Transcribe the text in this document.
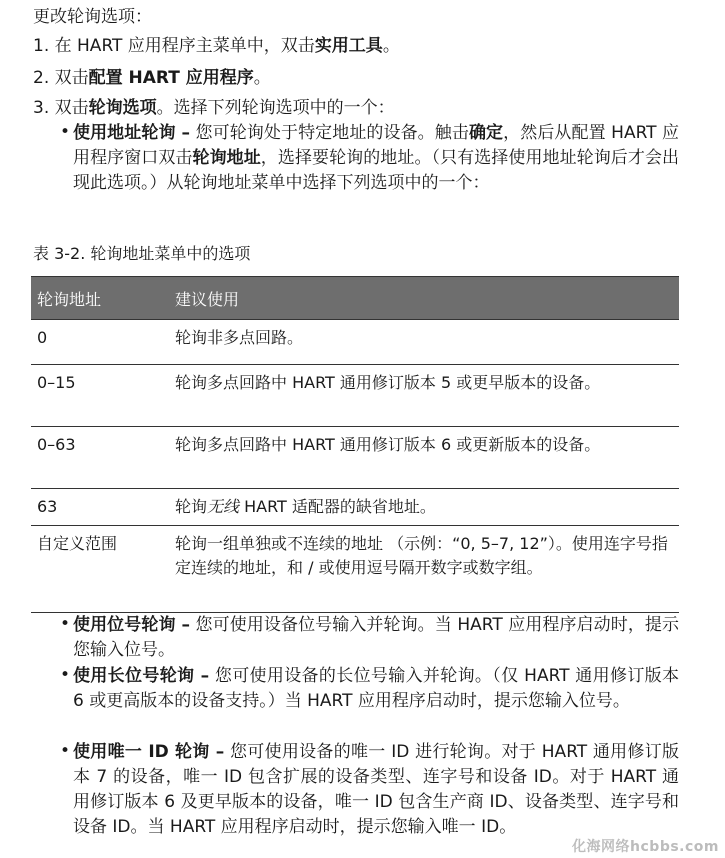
更改轮询选项：
1. 在 HART 应用程序主菜单中，双击实用工具。
2. 双击配置 HART 应用程序。
3. 双击轮询选项。选择下列轮询选项中的一个：
• 使用地址轮询 – 您可轮询处于特定地址的设备。触击确定，然后从配置 HART 应用程序窗口双击轮询地址，选择要轮询的地址。（只有选择使用地址轮询后才会出现此选项。）从轮询地址菜单中选择下列选项中的一个：
表 3-2. 轮询地址菜单中的选项
轮询地址	建议使用
0	轮询非多点回路。
0–15	轮询多点回路中 HART 通用修订版本 5 或更早版本的设备。
0–63	轮询多点回路中 HART 通用修订版本 6 或更新版本的设备。
63	轮询无线 HART 适配器的缺省地址。
自定义范围	轮询一组单独或不连续的地址 （示例：“0, 5–7, 12”）。使用连字号指定连续的地址，和 / 或使用逗号隔开数字或数字组。
• 使用位号轮询 – 您可使用设备位号输入并轮询。当 HART 应用程序启动时，提示您输入位号。
• 使用长位号轮询 – 您可使用设备的长位号输入并轮询。（仅 HART 通用修订版本 6 或更高版本的设备支持。）当 HART 应用程序启动时，提示您输入位号。
• 使用唯一 ID 轮询 – 您可使用设备的唯一 ID 进行轮询。对于 HART 通用修订版本 7 的设备，唯一 ID 包含扩展的设备类型、连字号和设备 ID。对于 HART 通用修订版本 6 及更早版本的设备，唯一 ID 包含生产商 ID、设备类型、连字号和设备 ID。当 HART 应用程序启动时，提示您输入唯一 ID。
化海网络hcbbs.com
